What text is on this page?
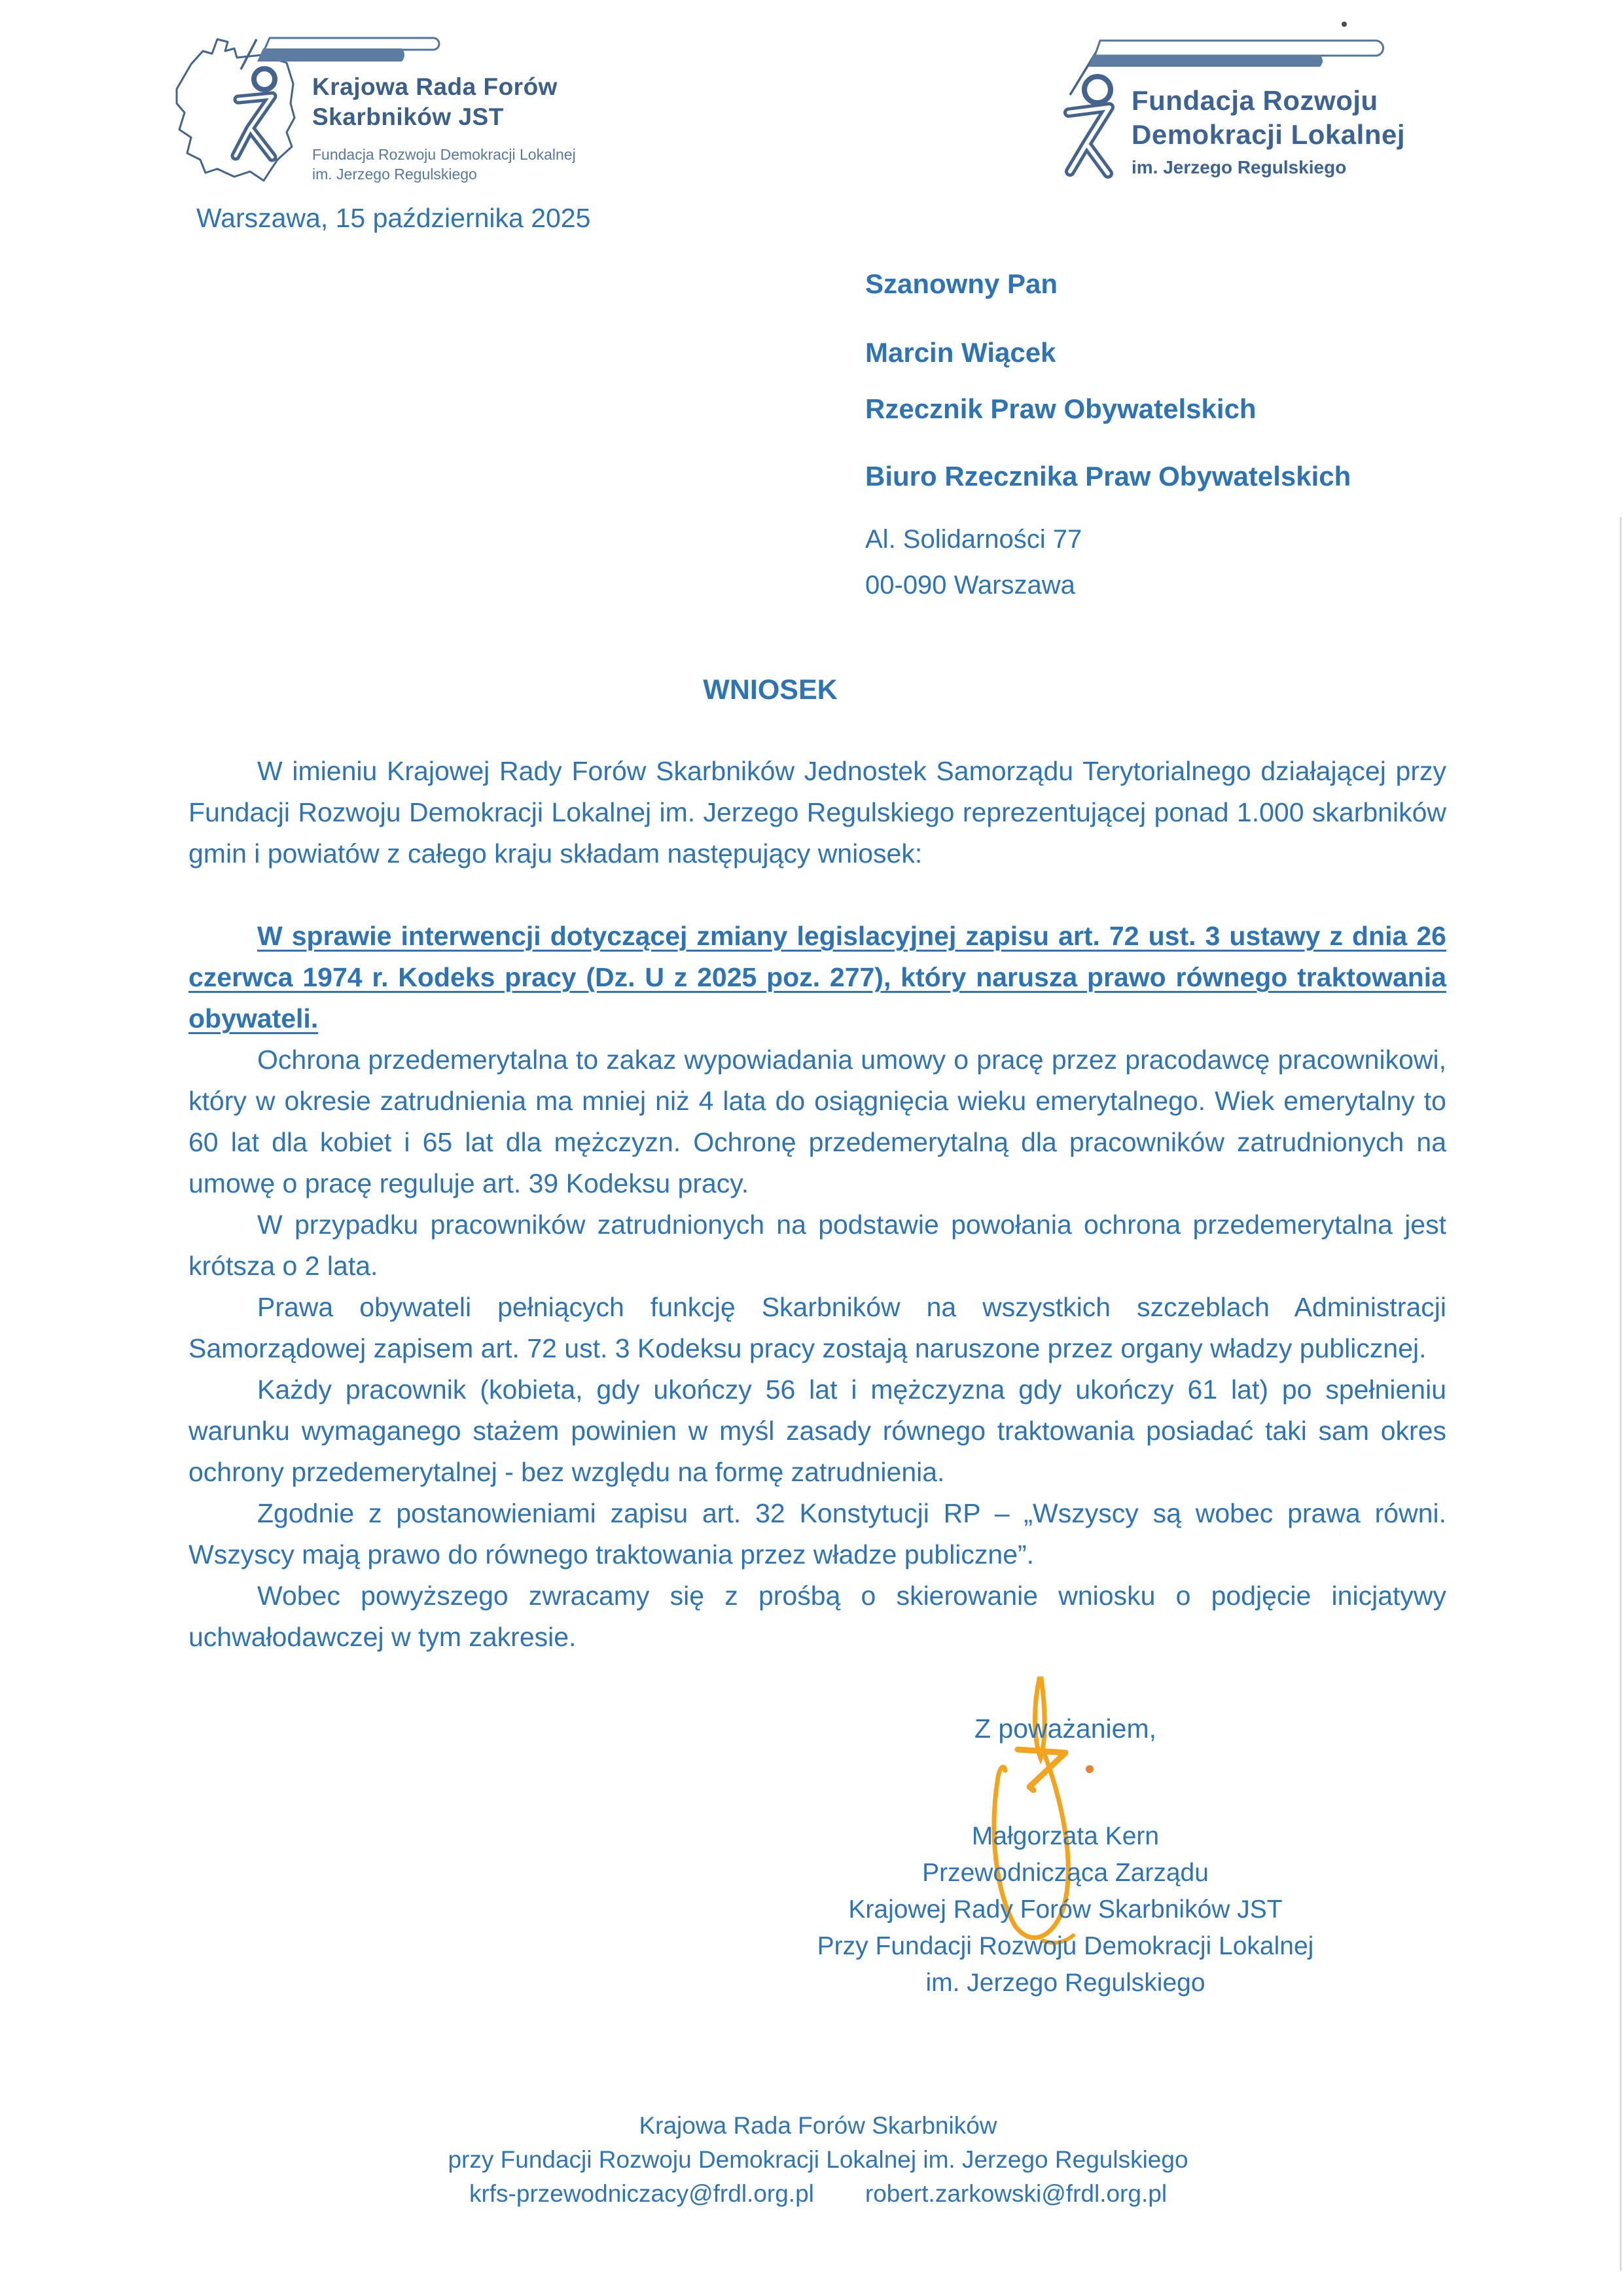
Krajowa Rada Forów
Skarbników JST
Fundacja Rozwoju Demokracji Lokalnej
im. Jerzego Regulskiego
Fundacja Rozwoju
Demokracji Lokalnej
im. Jerzego Regulskiego
Warszawa, 15 października 2025
Szanowny Pan
Marcin Wiącek
Rzecznik Praw Obywatelskich
Biuro Rzecznika Praw Obywatelskich
Al. Solidarności 77
00-090 Warszawa
WNIOSEK

W imieniu Krajowej Rady Forów Skarbników Jednostek Samorządu Terytorialnego działającej przy Fundacji Rozwoju Demokracji Lokalnej im. Jerzego Regulskiego reprezentującej ponad 1.000 skarbników gmin i powiatów z całego kraju składam następujący wniosek:

W sprawie interwencji dotyczącej zmiany legislacyjnej zapisu art. 72 ust. 3 ustawy z dnia 26 czerwca 1974 r. Kodeks pracy (Dz. U z 2025 poz. 277), który narusza prawo równego traktowania obywateli.

Ochrona przedemerytalna to zakaz wypowiadania umowy o pracę przez pracodawcę pracownikowi, który w okresie zatrudnienia ma mniej niż 4 lata do osiągnięcia wieku emerytalnego. Wiek emerytalny to 60 lat dla kobiet i 65 lat dla mężczyzn. Ochronę przedemerytalną dla pracowników zatrudnionych na umowę o pracę reguluje art. 39 Kodeksu pracy.

W przypadku pracowników zatrudnionych na podstawie powołania ochrona przedemerytalna jest krótsza o 2 lata.

Prawa obywateli pełniących funkcję Skarbników na wszystkich szczeblach Administracji Samorządowej zapisem art. 72 ust. 3 Kodeksu pracy zostają naruszone przez organy władzy publicznej.

Każdy pracownik (kobieta, gdy ukończy 56 lat i mężczyzna gdy ukończy 61 lat) po spełnieniu warunku wymaganego stażem powinien w myśl zasady równego traktowania posiadać taki sam okres ochrony przedemerytalnej - bez względu na formę zatrudnienia.

Zgodnie z postanowieniami zapisu art. 32 Konstytucji RP – „Wszyscy są wobec prawa równi. Wszyscy mają prawo do równego traktowania przez władze publiczne”.

Wobec powyższego zwracamy się z prośbą o skierowanie wniosku o podjęcie inicjatywy uchwałodawczej w tym zakresie.

Z poważaniem,
Małgorzata Kern
Przewodnicząca Zarządu
Krajowej Rady Forów Skarbników JST
Przy Fundacji Rozwoju Demokracji Lokalnej
im. Jerzego Regulskiego
Krajowa Rada Forów Skarbników
przy Fundacji Rozwoju Demokracji Lokalnej im. Jerzego Regulskiego
krfs-przewodniczacy@frdl.org.pl robert.zarkowski@frdl.org.pl
